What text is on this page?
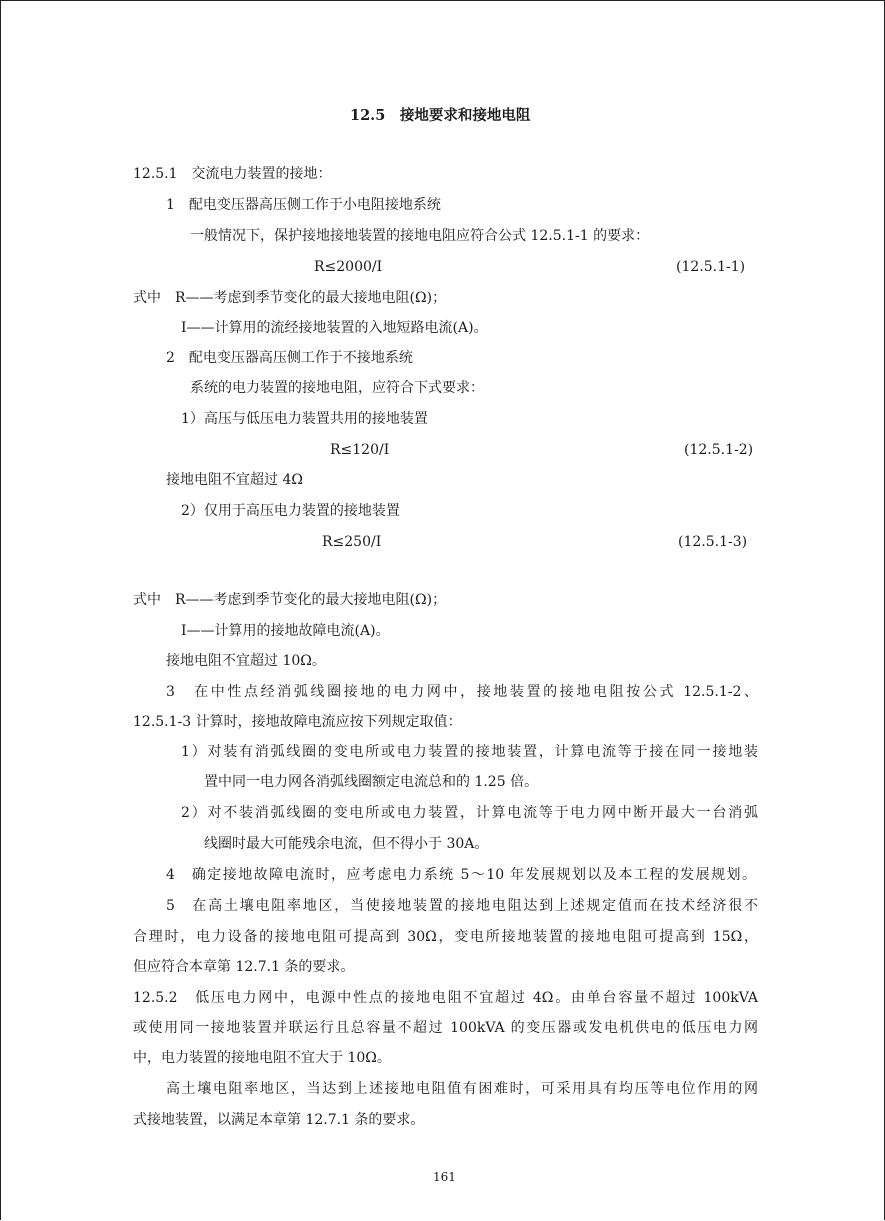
12.5　接地要求和接地电阻
12.5.1　交流电力装置的接地：
1　配电变压器高压侧工作于小电阻接地系统
一般情况下，保护接地接地装置的接地电阻应符合公式 12.5.1-1 的要求：
R≤2000/I	(12.5.1-1)
式中　R——考虑到季节变化的最大接地电阻(Ω)；
I——计算用的流经接地装置的入地短路电流(A)。
2　配电变压器高压侧工作于不接地系统
系统的电力装置的接地电阻，应符合下式要求：
1）高压与低压电力装置共用的接地装置
R≤120/I	(12.5.1-2)
接地电阻不宜超过 4Ω
2）仅用于高压电力装置的接地装置
R≤250/I	(12.5.1-3)
式中　R——考虑到季节变化的最大接地电阻(Ω)；
I——计算用的接地故障电流(A)。
接地电阻不宜超过 10Ω。
3　在中性点经消弧线圈接地的电力网中，接地装置的接地电阻按公式 12.5.1-2、
12.5.1-3 计算时，接地故障电流应按下列规定取值：
1）对装有消弧线圈的变电所或电力装置的接地装置，计算电流等于接在同一接地装
置中同一电力网各消弧线圈额定电流总和的 1.25 倍。
2）对不装消弧线圈的变电所或电力装置，计算电流等于电力网中断开最大一台消弧
线圈时最大可能残余电流，但不得小于 30A。
4　确定接地故障电流时，应考虑电力系统 5～10 年发展规划以及本工程的发展规划。
5　在高土壤电阻率地区，当使接地装置的接地电阻达到上述规定值而在技术经济很不
合理时，电力设备的接地电阻可提高到 30Ω，变电所接地装置的接地电阻可提高到 15Ω，
但应符合本章第 12.7.1 条的要求。
12.5.2　低压电力网中，电源中性点的接地电阻不宜超过 4Ω。由单台容量不超过 100kVA
或使用同一接地装置并联运行且总容量不超过 100kVA 的变压器或发电机供电的低压电力网
中，电力装置的接地电阻不宜大于 10Ω。
高土壤电阻率地区，当达到上述接地电阻值有困难时，可采用具有均压等电位作用的网
式接地装置，以满足本章第 12.7.1 条的要求。
161
